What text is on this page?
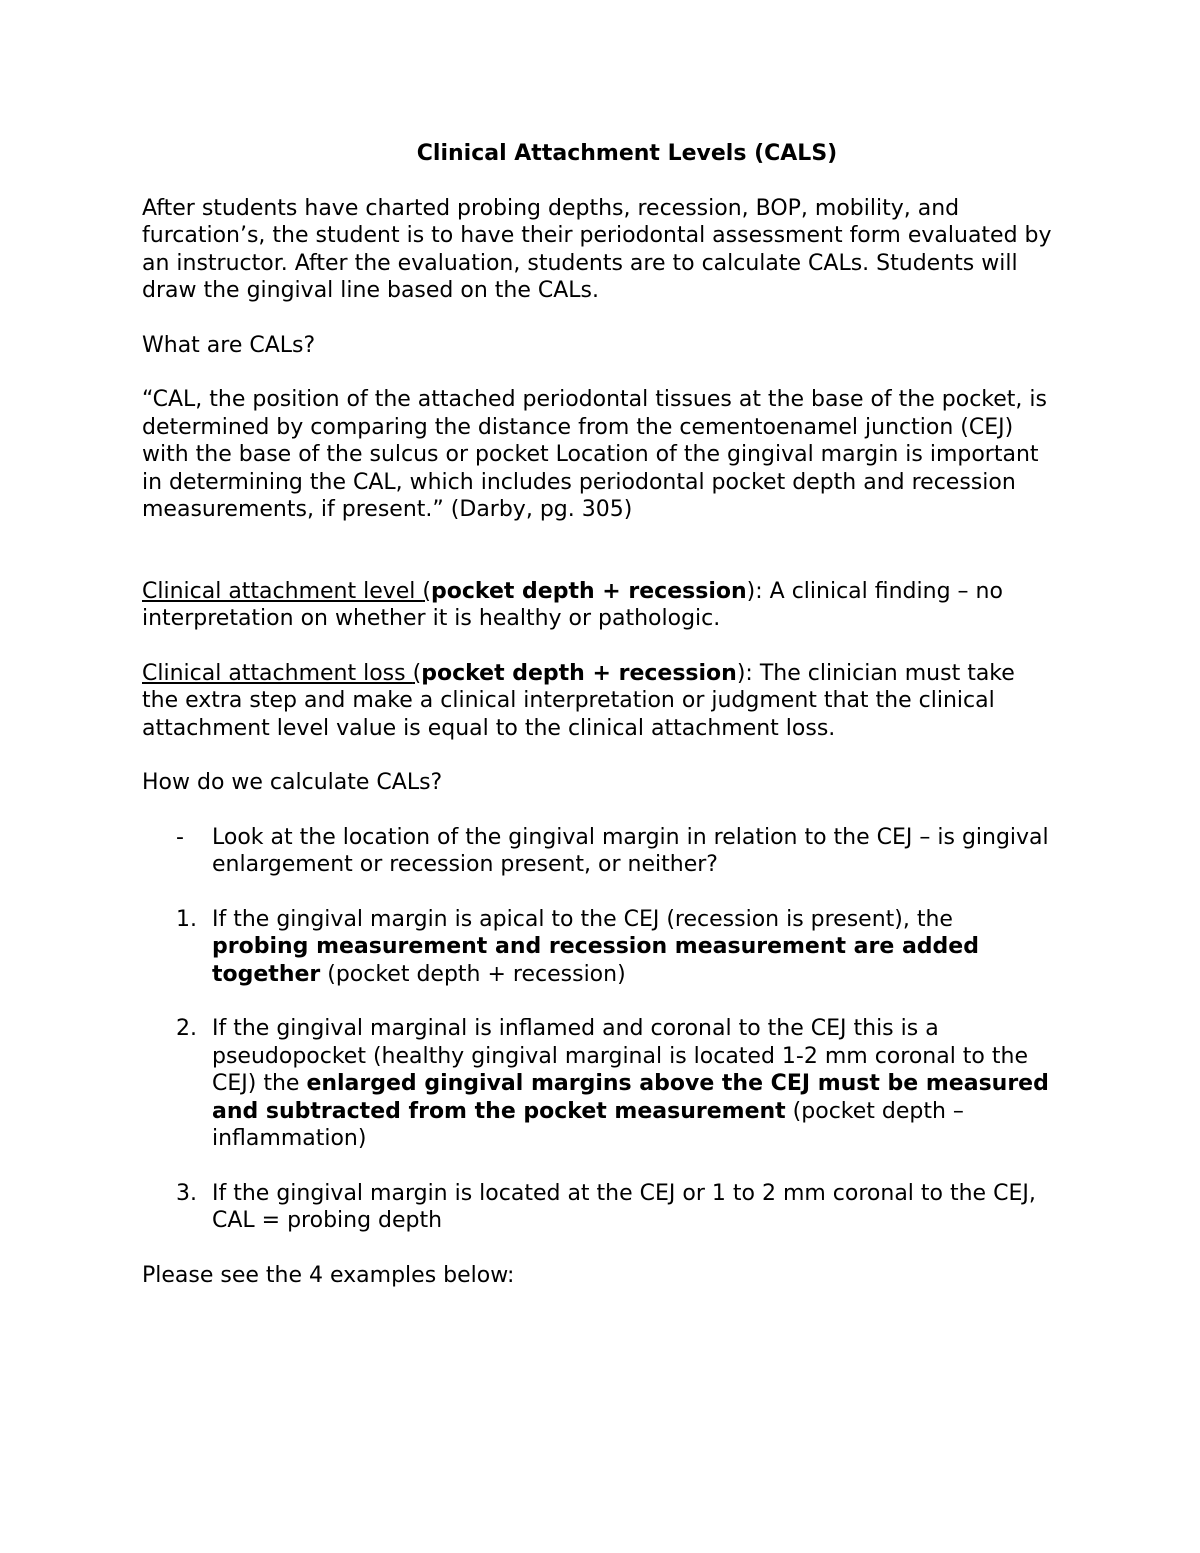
Clinical Attachment Levels (CALS)

After students have charted probing depths, recession, BOP, mobility, and furcation’s, the student is to have their periodontal assessment form evaluated by an instructor. After the evaluation, students are to calculate CALs. Students will draw the gingival line based on the CALs.

What are CALs?

“CAL, the position of the attached periodontal tissues at the base of the pocket, is determined by comparing the distance from the cementoenamel junction (CEJ) with the base of the sulcus or pocket Location of the gingival margin is important in determining the CAL, which includes periodontal pocket depth and recession measurements, if present.” (Darby, pg. 305)

Clinical attachment level (pocket depth + recession): A clinical finding – no interpretation on whether it is healthy or pathologic.

Clinical attachment loss (pocket depth + recession): The clinician must take the extra step and make a clinical interpretation or judgment that the clinical attachment level value is equal to the clinical attachment loss.

How do we calculate CALs?

-	Look at the location of the gingival margin in relation to the CEJ – is gingival enlargement or recession present, or neither?
1. If the gingival margin is apical to the CEJ (recession is present), the probing measurement and recession measurement are added together (pocket depth + recession)
2. If the gingival marginal is inflamed and coronal to the CEJ this is a pseudopocket (healthy gingival marginal is located 1-2 mm coronal to the CEJ) the enlarged gingival margins above the CEJ must be measured and subtracted from the pocket measurement (pocket depth – inflammation)
3. If the gingival margin is located at the CEJ or 1 to 2 mm coronal to the CEJ, CAL = probing depth

Please see the 4 examples below:
